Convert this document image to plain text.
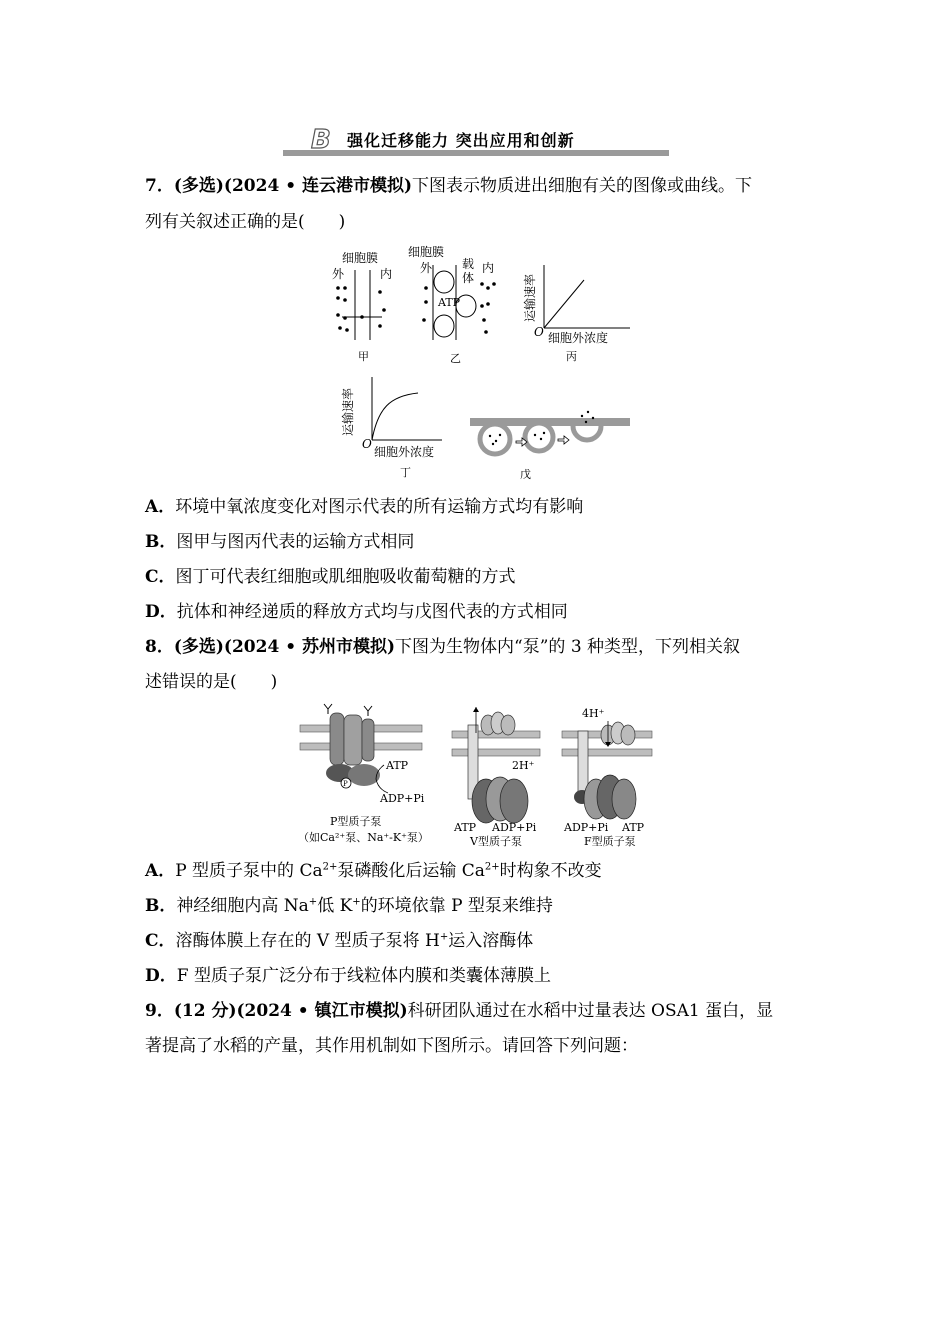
B 强化迁移能力 突出应用和创新
7．(多选)(2024 • 连云港市模拟)下图表示物质进出细胞有关的图像或曲线。下
列有关叙述正确的是(　　)
细胞膜
外	内
甲
细胞膜
外	内
载
体
ATP
乙
O 细胞外浓度
运输速率
丙
O
细胞外浓度
运输速率
丁	戊
A．环境中氧浓度变化对图示代表的所有运输方式均有影响
B．图甲与图丙代表的运输方式相同
C．图丁可代表红细胞或肌细胞吸收葡萄糖的方式
D．抗体和神经递质的释放方式均与戊图代表的方式相同
8．(多选)(2024 • 苏州市模拟)下图为生物体内“泵”的 3 种类型，下列相关叙
述错误的是(　　)
P
ATP
ADP+Pi
P型质子泵
（如Ca²⁺泵、Na⁺-K⁺泵）
2H⁺
ATP ADP+Pi
V型质子泵
4H⁺
ADP+Pi ATP
F型质子泵
A．P 型质子泵中的 $Ca^{2+}$泵磷酸化后运输 $Ca^{2+}$时构象不改变
B．神经细胞内高 Na+低 K+的环境依靠 P 型泵来维持
C．溶酶体膜上存在的 V 型质子泵将 H+运入溶酶体
D．F 型质子泵广泛分布于线粒体内膜和类囊体薄膜上
9．(12 分)(2024 • 镇江市模拟)科研团队通过在水稻中过量表达 OSA1 蛋白，显
著提高了水稻的产量，其作用机制如下图所示。请回答下列问题：
